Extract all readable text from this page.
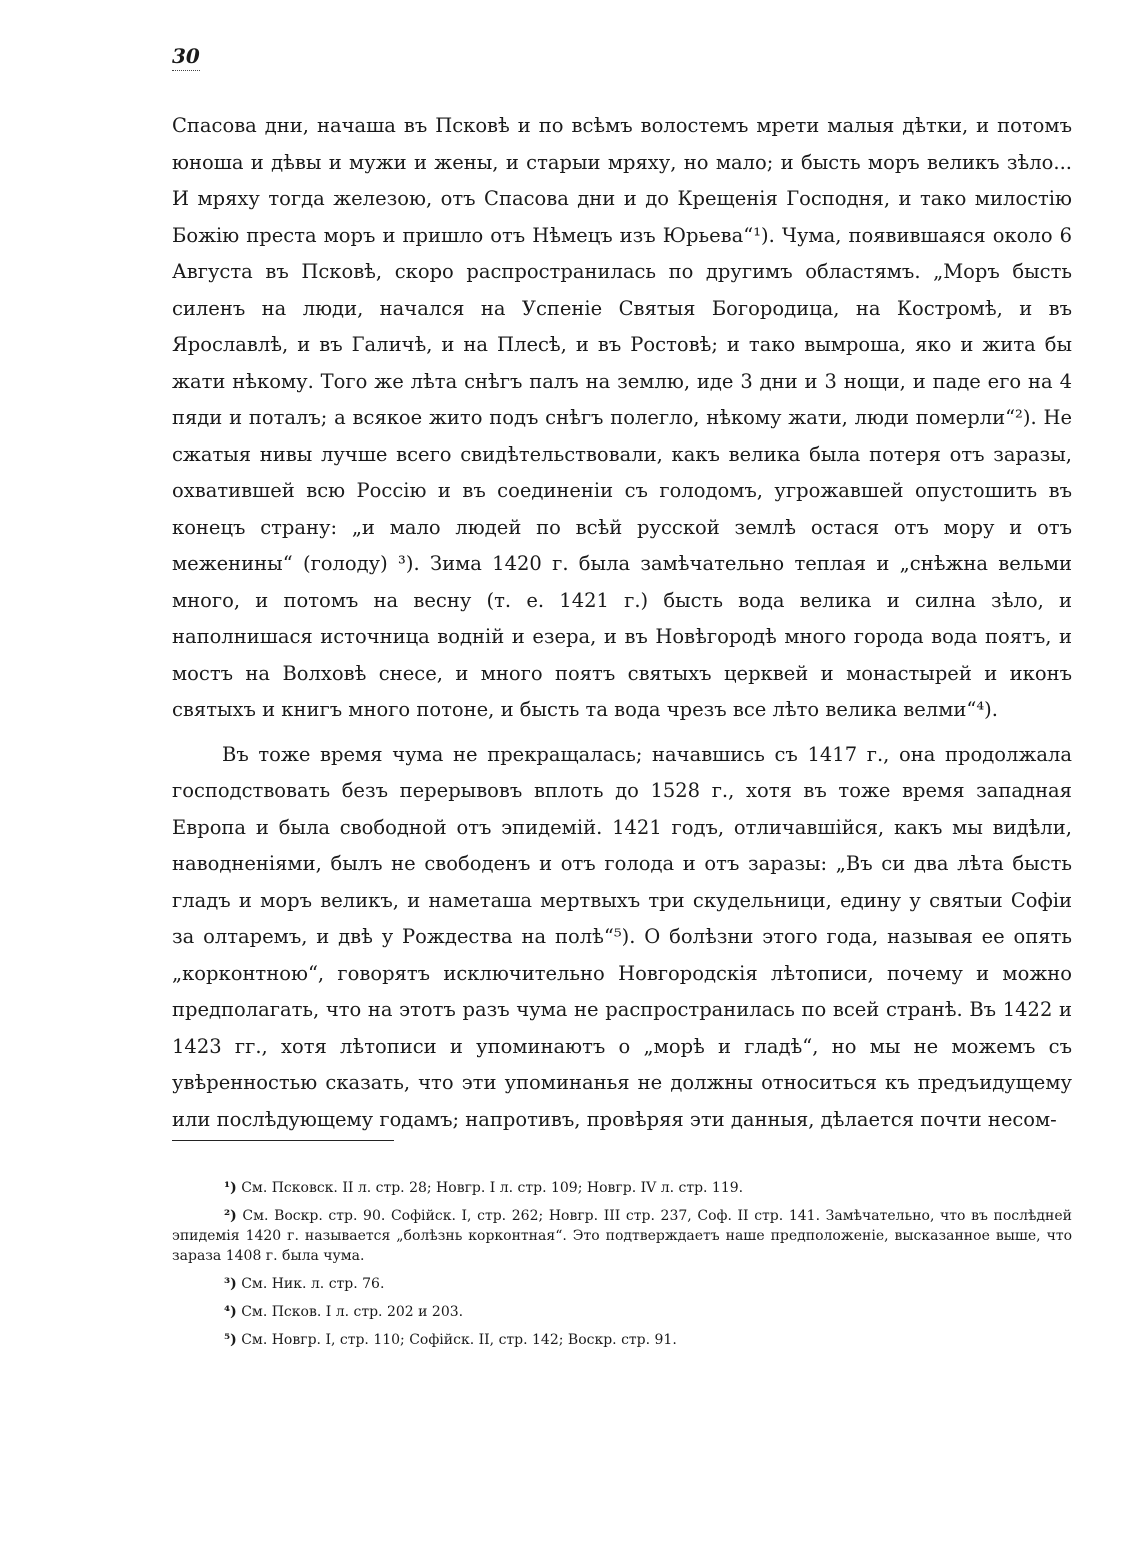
30

Спасова дни, начаша въ Псковѣ и по всѣмъ волостемъ мрети малыя дѣтки, и потомъ юноша и дѣвы и мужи и жены, и старыи мряху, но мало; и бысть моръ великъ зѣло... И мряху тогда железою, отъ Спасова дни и до Крещенія Господня, и тако милостію Божію преста моръ и пришло отъ Нѣмецъ изъ Юрьева“¹). Чума, появившаяся около 6 Августа въ Псковѣ, скоро распространилась по другимъ областямъ. „Моръ бысть силенъ на люди, начался на Успеніе Святыя Богородица, на Костромѣ, и въ Ярославлѣ, и въ Галичѣ, и на Плесѣ, и въ Ростовѣ; и тако вымроша, яко и жита бы жати нѣкому. Того же лѣта снѣгъ палъ на землю, иде 3 дни и 3 нощи, и паде его на 4 пяди и поталъ; а всякое жито подъ снѣгъ полегло, нѣкому жати, люди померли“²). Не сжатыя нивы лучше всего свидѣтельствовали, какъ велика была потеря отъ заразы, охватившей всю Россію и въ соединеніи съ голодомъ, угрожавшей опустошить въ конецъ страну: „и мало людей по всѣй русской землѣ остася отъ мору и отъ меженины“ (голоду) ³). Зима 1420 г. была замѣчательно теплая и „снѣжна вельми много, и потомъ на весну (т. е. 1421 г.) бысть вода велика и силна зѣло, и наполнишася источница водній и езера, и въ Новѣгородѣ много города вода поятъ, и мостъ на Волховѣ снесе, и много поятъ святыхъ церквей и монастырей и иконъ святыхъ и книгъ много потоне, и бысть та вода чрезъ все лѣто велика велми“⁴).

Въ тоже время чума не прекращалась; начавшись съ 1417 г., она продолжала господствовать безъ перерывовъ вплоть до 1528 г., хотя въ тоже время западная Европа и была свободной отъ эпидемій. 1421 годъ, отличавшійся, какъ мы видѣли, наводненіями, былъ не свободенъ и отъ голода и отъ заразы: „Въ си два лѣта бысть гладъ и моръ великъ, и наметаша мертвыхъ три скудельници, едину у святыи Софіи за олтаремъ, и двѣ у Рождества на полѣ“⁵). О болѣзни этого года, называя ее опять „корконтною“, говорятъ исключительно Новгородскія лѣтописи, почему и можно предполагать, что на этотъ разъ чума не распространилась по всей странѣ. Въ 1422 и 1423 гг., хотя лѣтописи и упоминаютъ о „морѣ и гладѣ“, но мы не можемъ съ увѣренностью сказать, что эти упоминанья не должны относиться къ предъидущему или послѣдующему годамъ; напротивъ, провѣряя эти данныя, дѣлается почти несом-

¹) См. Псковск. II л. стр. 28; Новгр. I л. стр. 109; Новгр. IV л. стр. 119.

²) См. Воскр. стр. 90. Софійск. I, стр. 262; Новгр. III стр. 237, Соф. II стр. 141. Замѣчательно, что въ послѣдней эпидемія 1420 г. называется „болѣзнь корконтная“. Это подтверждаетъ наше предположеніе, высказанное выше, что зараза 1408 г. была чума.

³) См. Ник. л. стр. 76.

⁴) См. Псков. I л. стр. 202 и 203.

⁵) См. Новгр. I, стр. 110; Софійск. II, стр. 142; Воскр. стр. 91.
